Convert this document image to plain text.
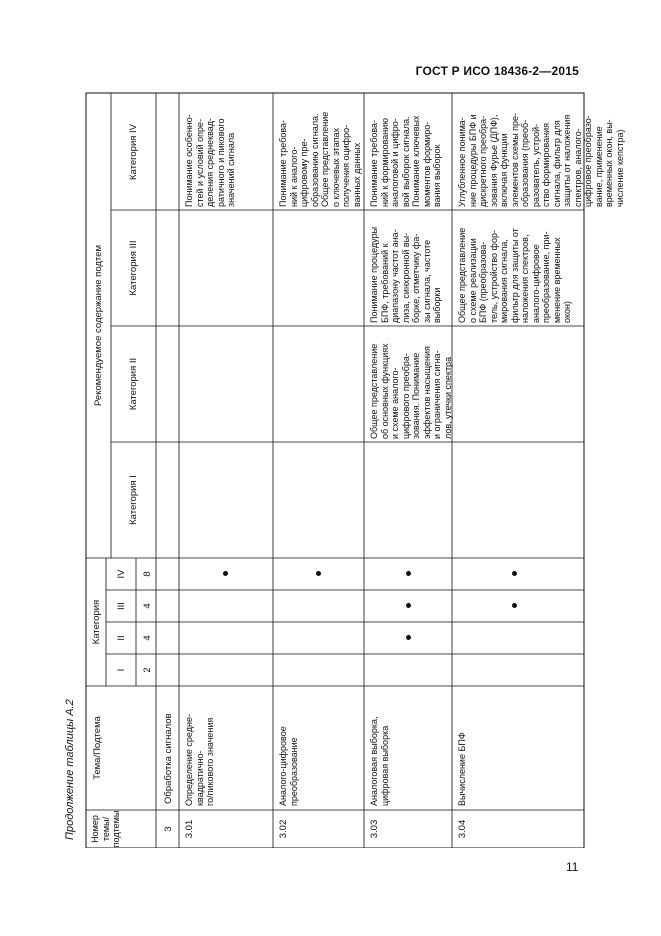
ГОСТ Р ИСО 18436-2—2015
11
Продолжение таблицы А.2 Номер
темы/
подтемы
Тема/Подтема
Категория
I
II
III
IV
Рекомендуемое содержание подтем
Категория I
Категория II
Категория III
Категория IV
2
4
4
8
3
Обработка сигналов
3.01
Определение средне-
квадратично-
го/пикового значения
Понимание особенно-
стей и условий опре-
деления среднеквад-
ратичного и пикового
значений сигнала
3.02
Аналого-цифровое
преобразование
Понимание требова-
ний к аналого-
цифровому пре-
образованию сигнала.
Общее представление
о ключевых этапах
получения оцифро-
ванных данных
3.03
Аналоговая выборка,
цифровая выборка
Общее представление
об основных функциях
и схеме аналого-
цифрового преобра-
зования. Понимание
эффектов насыщения
и ограничения сигна-
лов, утечки спектра
Понимание процедуры
БПФ, требований к
диапазону частот ана-
лиза, синхронной вы-
борке, отметчику фа-
зы сигнала, частоте
выборки
Понимание требова-
ний к формированию
аналоговой и цифро-
вой выборок сигнала.
Понимание ключевых
моментов формиро-
вания выборок
3.04
Вычисление БПФ
Общее представление
о схеме реализации
БПФ (преобразова-
тель, устройство фор-
мирования сигнала,
фильтр для защиты от
наложения спектров,
аналого-цифровое
преобразование, при-
менение временных
окон)
Углубленное понима-
ние процедуры БПФ и
дискретного преобра-
зования Фурье (ДПФ),
включая функции
элементов схемы пре-
образования (преоб-
разователь, устрой-
ство формирования
сигнала, фильтр для
защиты от наложения
спектров, аналого-
цифровое преобразо-
вание, применение
временных окон, вы-
числение кепстра)
